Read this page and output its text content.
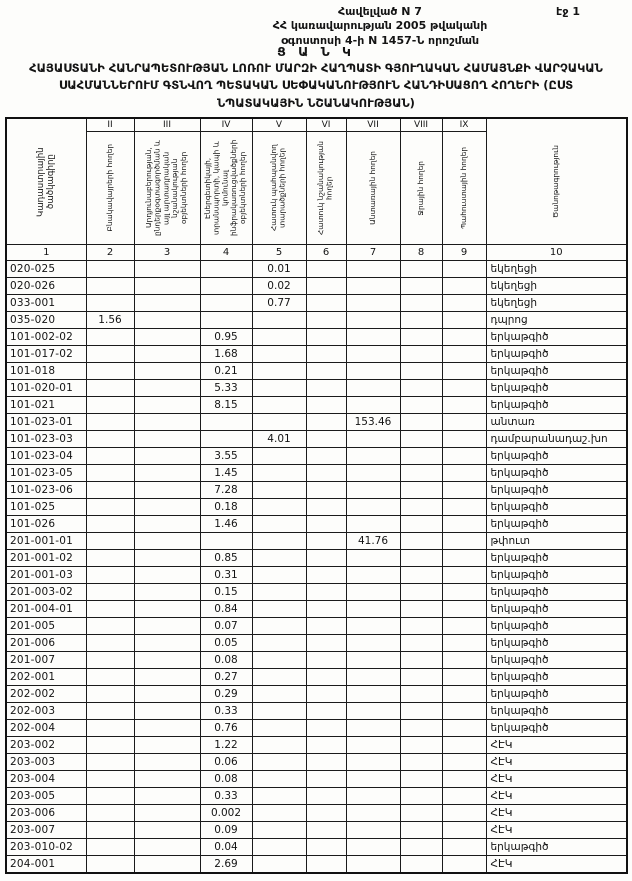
Հավելված N 7
ՀՀ կառավարության 2005 թվականի
օգոստոսի 4-ի N 1457-Ն որոշման
էջ 1
Ց Ա Ն Կ
ՀԱՅԱՍՏԱՆԻ ՀԱՆՐԱՊԵՏՈՒԹՅԱՆ ԼՈՌՈՒ ՄԱՐԶԻ ՀԱՂՊԱՏԻ ԳՅՈՒՂԱԿԱՆ ՀԱՄԱՅՆՔԻ ՎԱՐՉԱԿԱՆ
ՍԱՀՄԱՆՆԵՐՈՒՄ ԳՏՆՎՈՂ ՊԵՏԱԿԱՆ ՍԵՓԱԿԱՆՈՒԹՅՈՒՆ ՀԱՆԴԻՍԱՑՈՂ ՀՈՂԵՐԻ (ԸՍՏ
ՆՊԱՏԱԿԱՅԻՆ ՆՇԱՆԱԿՈՒԹՅԱՆ)
Կադաստրային ծածկագիրը	II	III	IV	V	VI	VII	VIII	IX	Ծանոթագրություն

	Բնակավայրերի հողեր	Արդյունաբերության, ընդերքօգտագործման և այլ արտադրական նշանակության օբյեկտների հողեր	Էներգետիկայի, տրանսպորտի, կապի և կոմունալ ինֆրակառուցվածքների օբյեկտների հողեր	Հատուկ պահպանվող տարածքների հողեր	Հատուկ նշանակության հողեր	Անտառային հողեր	Ջրային հողեր	Պահուստային հողեր	

1	2	3	4	5	6	7	8	9	10
020-025				0.01					եկեղեցի
020-026				0.02					եկեղեցի
033-001				0.77					եկեղեցի
035-020	1.56								դպրոց
101-002-02			0.95						երկաթգիծ
101-017-02			1.68						երկաթգիծ
101-018			0.21						երկաթգիծ
101-020-01			5.33						երկաթգիծ
101-021			8.15						երկաթգիծ
101-023-01						153.46			անտառ
101-023-03				4.01					դամբարանադաշ.խո
101-023-04			3.55						երկաթգիծ
101-023-05			1.45						երկաթգիծ
101-023-06			7.28						երկաթգիծ
101-025			0.18						երկաթգիծ
101-026			1.46						երկաթգիծ
201-001-01						41.76			թփուտ
201-001-02			0.85						երկաթգիծ
201-001-03			0.31						երկաթգիծ
201-003-02			0.15						երկաթգիծ
201-004-01			0.84						երկաթգիծ
201-005			0.07						երկաթգիծ
201-006			0.05						երկաթգիծ
201-007			0.08						երկաթգիծ
202-001			0.27						երկաթգիծ
202-002			0.29						երկաթգիծ
202-003			0.33						երկաթգիծ
202-004			0.76						երկաթգիծ
203-002			1.22						ՀԷԿ
203-003			0.06						ՀԷԿ
203-004			0.08						ՀԷԿ
203-005			0.33						ՀԷԿ
203-006			0.002						ՀԷԿ
203-007			0.09						ՀԷԿ
203-010-02			0.04						երկաթգիծ
204-001			2.69						ՀԷԿ
